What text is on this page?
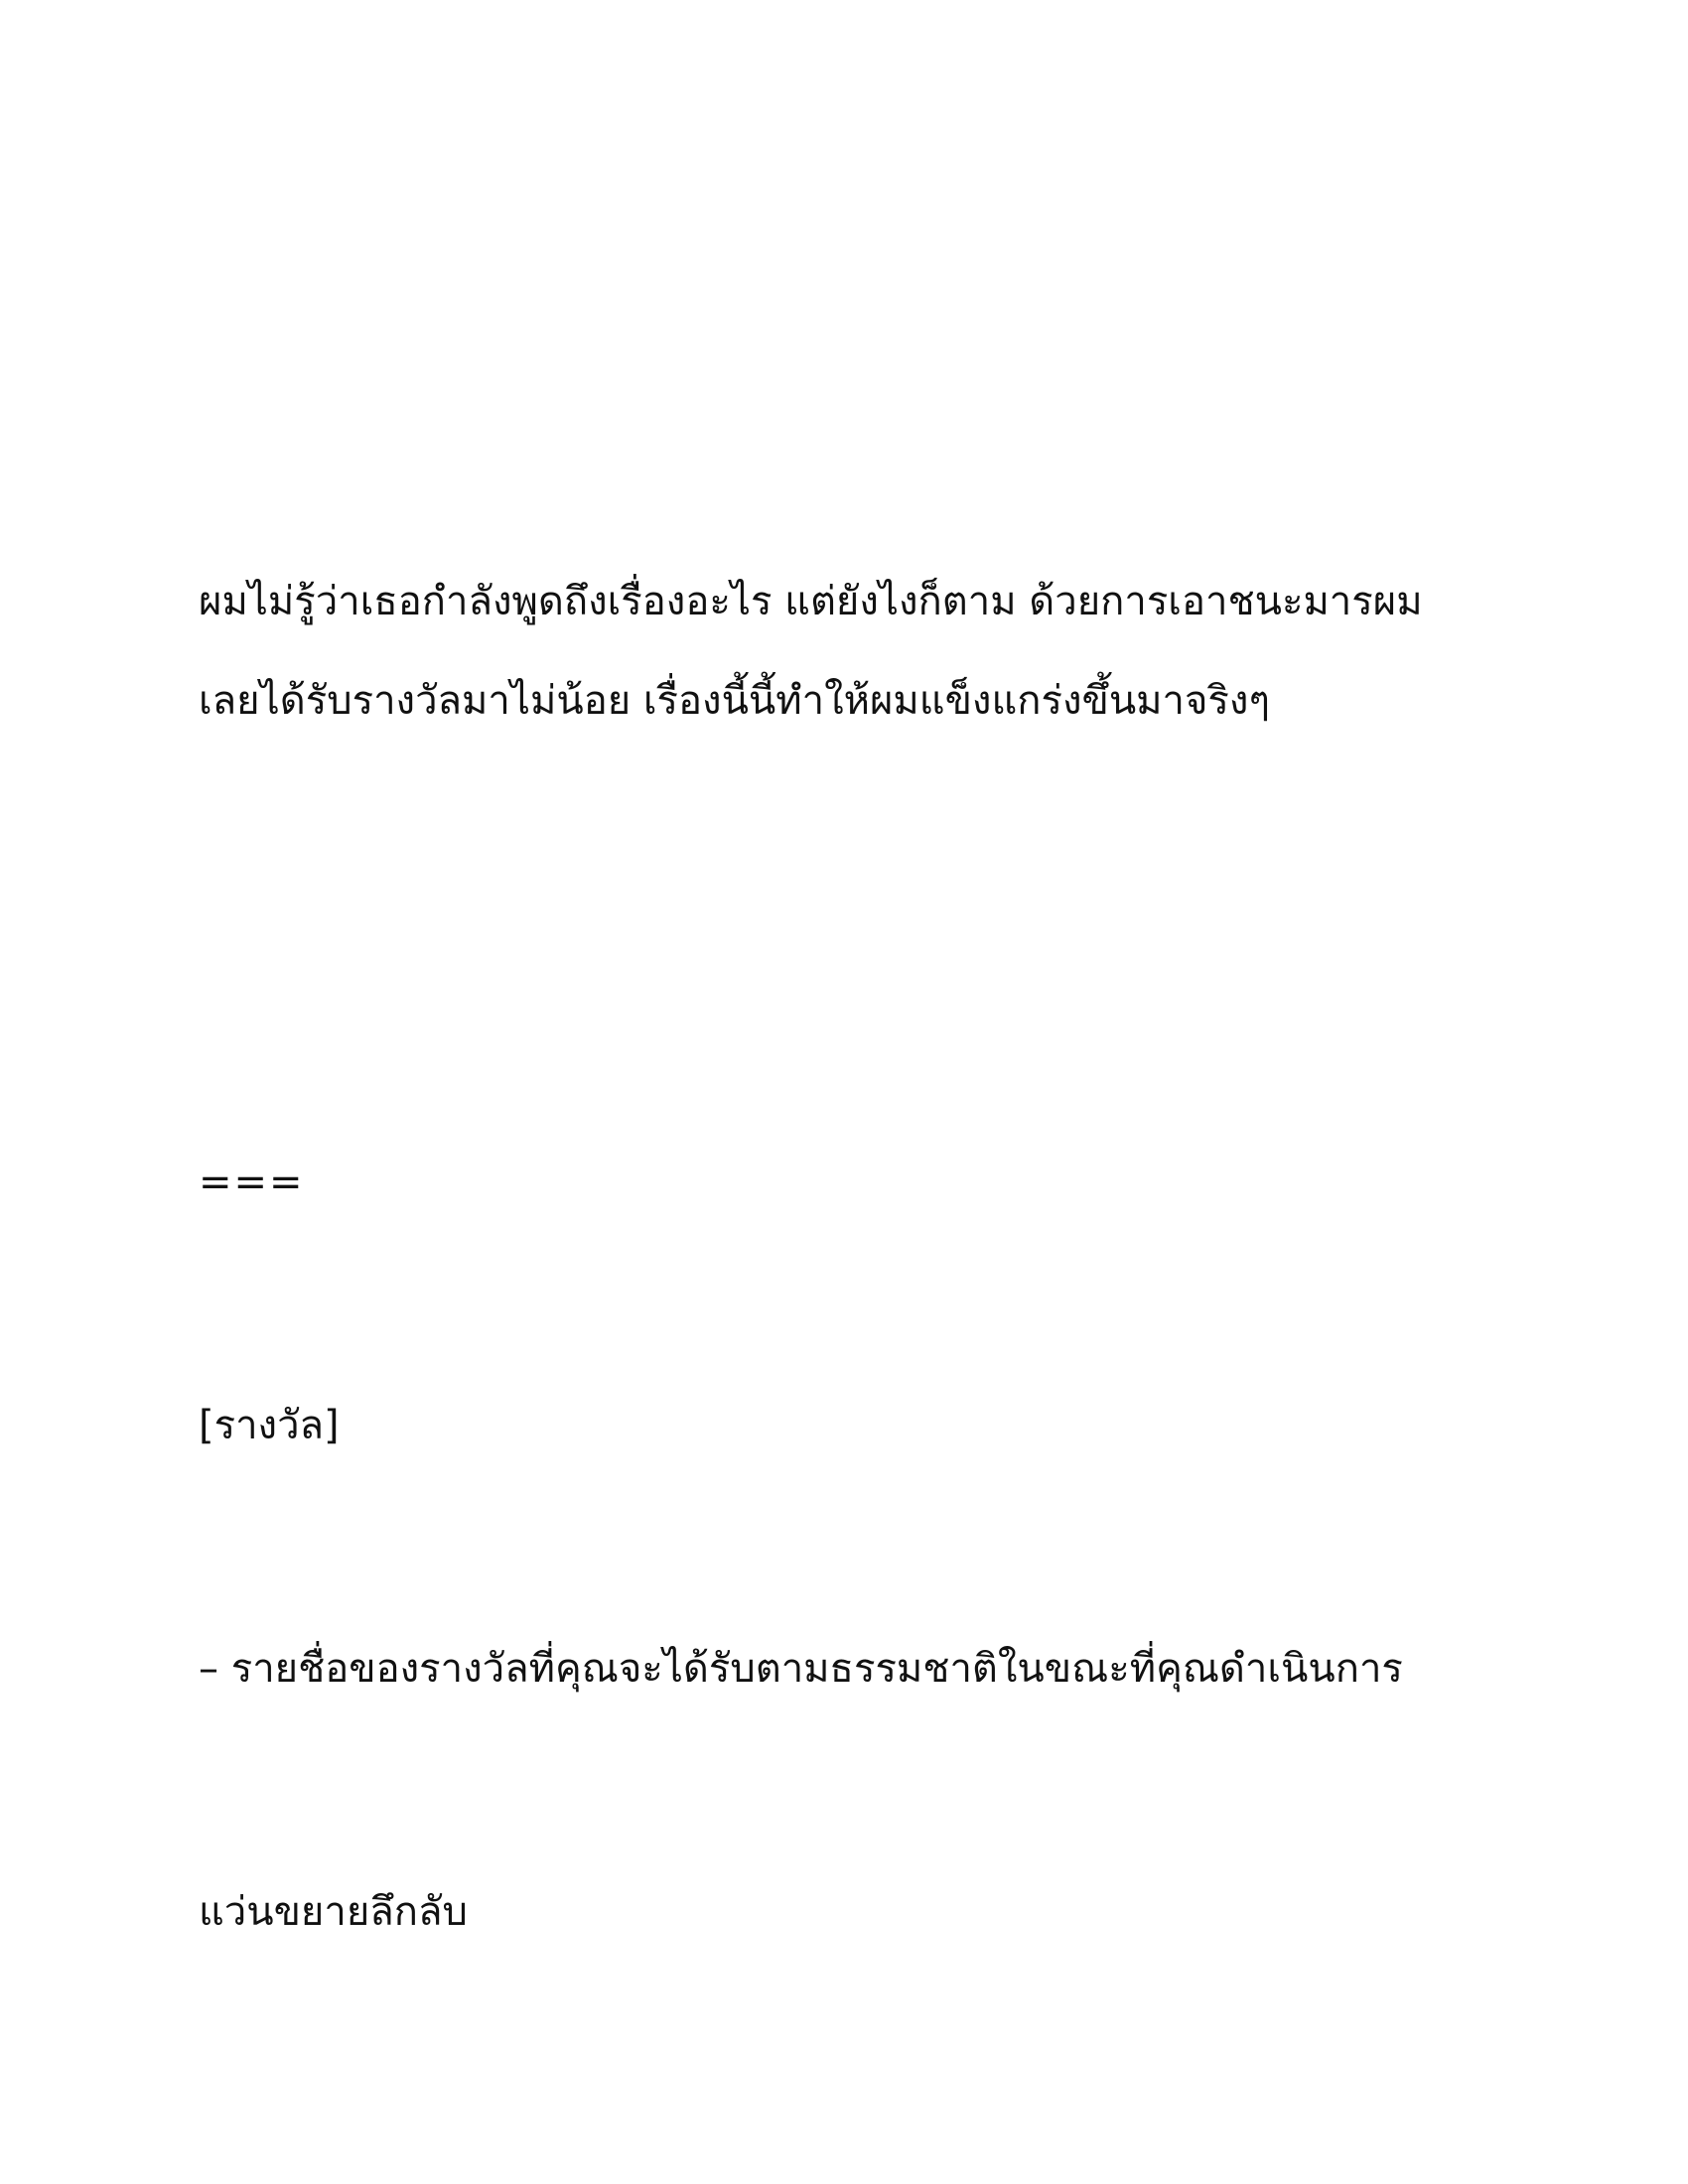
ผมไม่รู้ว่าเธอกำลังพูดถึงเรื่องอะไร แต่ยังไงก็ตาม ด้วยการเอาชนะมารผม
เลยได้รับรางวัลมาไม่น้อย เรื่องนี้นี้ทำให้ผมแข็งแกร่งขึ้นมาจริงๆ
===
[รางวัล]
– รายชื่อของรางวัลที่คุณจะได้รับตามธรรมชาติในขณะที่คุณดำเนินการ
แว่นขยายลึกลับ
